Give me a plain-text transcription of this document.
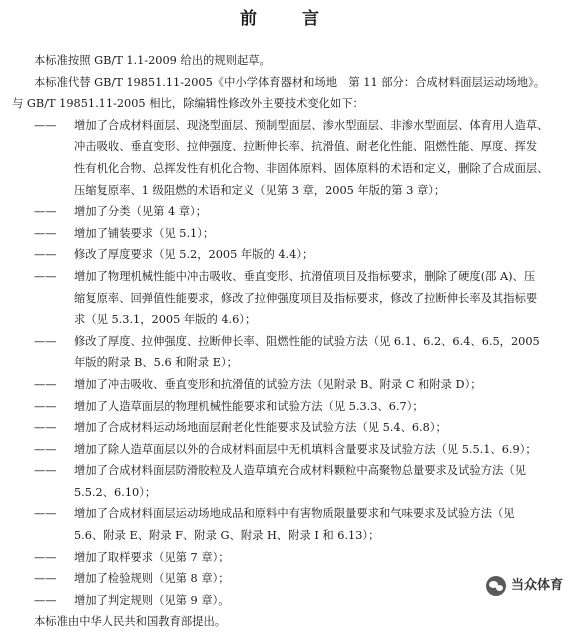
前　言
本标准按照 GB/T 1.1-2009 给出的规则起草。
本标准代替 GB/T 19851.11-2005《中小学体育器材和场地　第 11 部分：合成材料面层运动场地》。
与 GB/T 19851.11-2005 相比，除编辑性修改外主要技术变化如下：
—— 增加了合成材料面层、现浇型面层、预制型面层、渗水型面层、非渗水型面层、体育用人造草、
冲击吸收、垂直变形、拉伸强度、拉断伸长率、抗滑值、耐老化性能、阻燃性能、厚度、挥发
性有机化合物、总挥发性有机化合物、非固体原料、固体原料的术语和定义，删除了合成面层、
压缩复原率、1 级阻燃的术语和定义（见第 3 章，2005 年版的第 3 章）；
—— 增加了分类（见第 4 章）；
—— 增加了铺装要求（见 5.1）；
—— 修改了厚度要求（见 5.2，2005 年版的 4.4）；
—— 增加了物理机械性能中冲击吸收、垂直变形、抗滑值项目及指标要求，删除了硬度(邵 A)、压
缩复原率、回弹值性能要求，修改了拉伸强度项目及指标要求，修改了拉断伸长率及其指标要
求（见 5.3.1，2005 年版的 4.6）；
—— 修改了厚度、拉伸强度、拉断伸长率、阻燃性能的试验方法（见 6.1、6.2、6.4、6.5，2005
年版的附录 B、5.6 和附录 E）；
—— 增加了冲击吸收、垂直变形和抗滑值的试验方法（见附录 B、附录 C 和附录 D）；
—— 增加了人造草面层的物理机械性能要求和试验方法（见 5.3.3、6.7）；
—— 增加了合成材料运动场地面层耐老化性能要求及试验方法（见 5.4、6.8）；
—— 增加了除人造草面层以外的合成材料面层中无机填料含量要求及试验方法（见 5.5.1、6.9）；
—— 增加了合成材料面层防滑胶粒及人造草填充合成材料颗粒中高聚物总量要求及试验方法（见
5.5.2、6.10）；
—— 增加了合成材料面层运动场地成品和原料中有害物质限量要求和气味要求及试验方法（见
5.6、附录 E、附录 F、附录 G、附录 H、附录 I 和 6.13）；
—— 增加了取样要求（见第 7 章）；
—— 增加了检验规则（见第 8 章）；
—— 增加了判定规则（见第 9 章）。
本标准由中华人民共和国教育部提出。
当众体育
